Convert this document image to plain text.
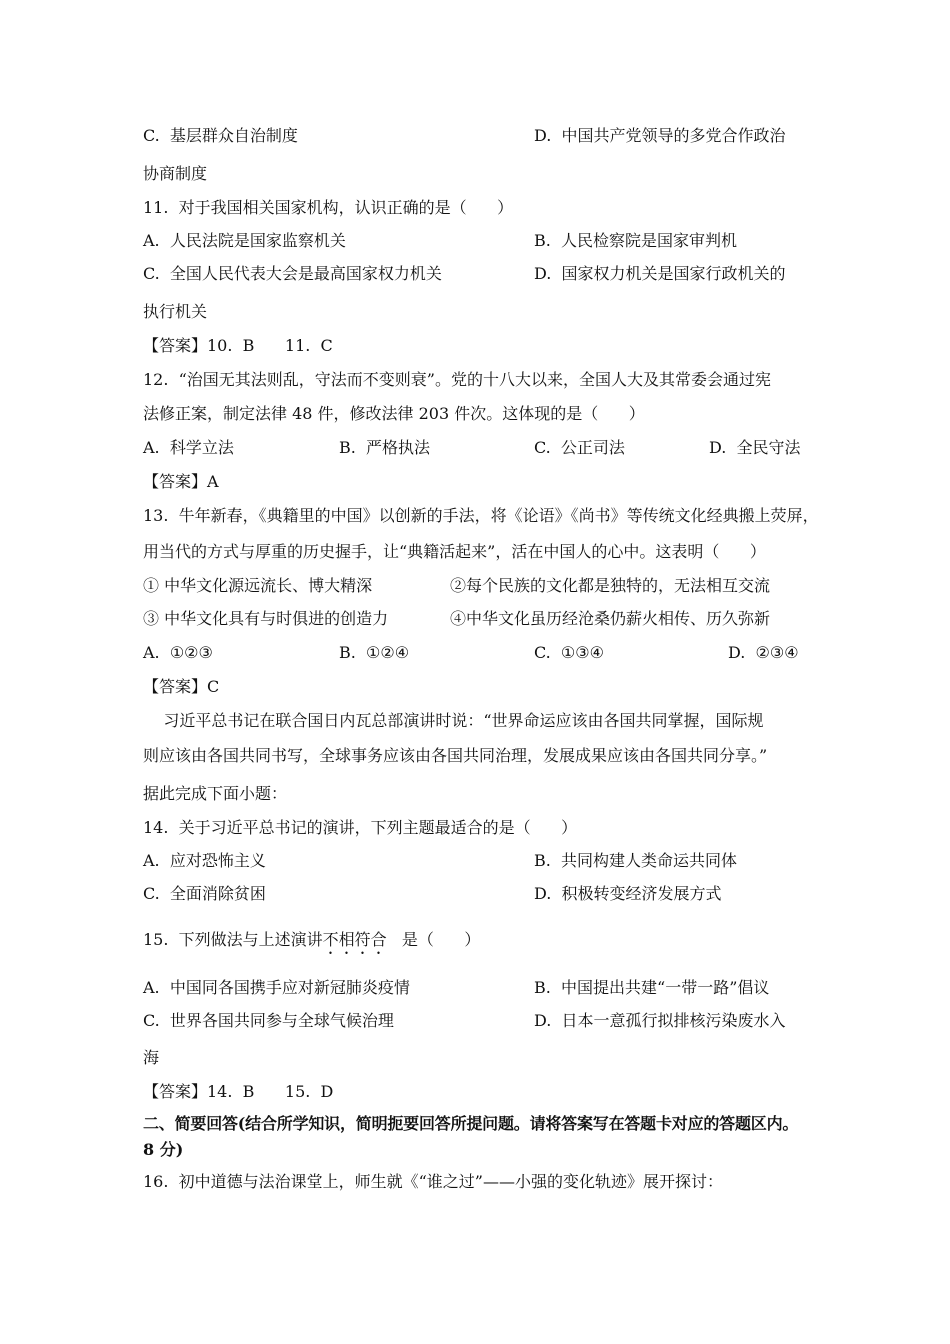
C.  基层群众自治制度	D.  中国共产党领导的多党合作政治
协商制度
11.  对于我国相关国家机构，认识正确的是（      ）
A.  人民法院是国家监察机关	B.  人民检察院是国家审判机
C.  全国人民代表大会是最高国家权力机关	D.  国家权力机关是国家行政机关的
执行机关
【答案】10.  B      11.  C
12.  “治国无其法则乱，守法而不变则衰”。党的十八大以来，全国人大及其常委会通过宪
法修正案，制定法律 48 件，修改法律 203 件次。这体现的是（      ）
A.  科学立法	B.  严格执法	C.  公正司法	D.  全民守法
【答案】A
13.  牛年新春，《典籍里的中国》以创新的手法，将《论语》《尚书》等传统文化经典搬上荧屏，
用当代的方式与厚重的历史握手，让“典籍活起来”，活在中国人的心中。这表明（      ）
① 中华文化源远流长、博大精深	②每个民族的文化都是独特的，无法相互交流
③ 中华文化具有与时俱进的创造力	④中华文化虽历经沧桑仍薪火相传、历久弥新
A.  ①②③	B.  ①②④	C.  ①③④	D.  ②③④
【答案】C
习近平总书记在联合国日内瓦总部演讲时说：“世界命运应该由各国共同掌握，国际规
则应该由各国共同书写，全球事务应该由各国共同治理，发展成果应该由各国共同分享。”
据此完成下面小题：
14.  关于习近平总书记的演讲，下列主题最适合的是（      ）
A.  应对恐怖主义	B.  共同构建人类命运共同体
C.  全面消除贫困	D.  积极转变经济发展方式
15.  下列做法与上述演讲不相符合   是（      ）
A.  中国同各国携手应对新冠肺炎疫情	B.  中国提出共建“一带一路”倡议
C.  世界各国共同参与全球气候治理	D.  日本一意孤行拟排核污染废水入
海
【答案】14.  B      15.  D
二、简要回答(结合所学知识，简明扼要回答所提问题。请将答案写在答题卡对应的答题区内。
8 分)
16.  初中道德与法治课堂上，师生就《“谁之过”——小强的变化轨迹》展开探讨：
